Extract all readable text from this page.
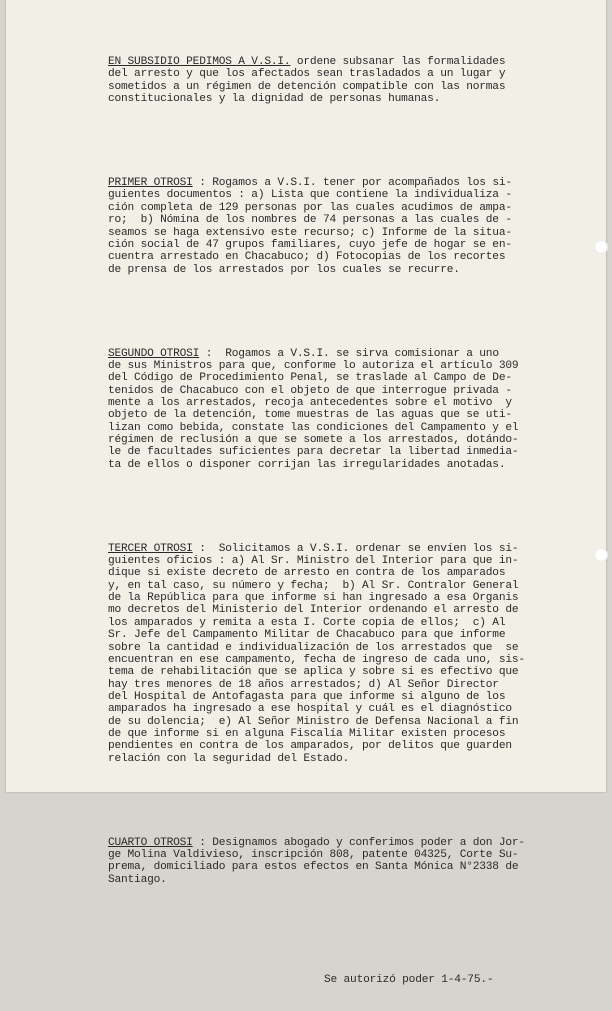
EN SUBSIDIO PEDIMOS A V.S.I. ordene subsanar las formalidades
del arresto y que los afectados sean trasladados a un lugar y
sometidos a un régimen de detención compatible con las normas
constitucionales y la dignidad de personas humanas.

PRIMER OTROSI : Rogamos a V.S.I. tener por acompañados los si-
guientes documentos : a) Lista que contiene la individualiza -
ción completa de 129 personas por las cuales acudimos de ampa-
ro;  b) Nómina de los nombres de 74 personas a las cuales de -
seamos se haga extensivo este recurso; c) Informe de la situa-
ción social de 47 grupos familiares, cuyo jefe de hogar se en-
cuentra arrestado en Chacabuco; d) Fotocopias de los recortes
de prensa de los arrestados por los cuales se recurre.

SEGUNDO OTROSI :  Rogamos a V.S.I. se sirva comisionar a uno
de sus Ministros para que, conforme lo autoriza el artículo 309
del Código de Procedimiento Penal, se traslade al Campo de De-
tenidos de Chacabuco con el objeto de que interrogue privada -
mente a los arrestados, recoja antecedentes sobre el motivo  y
objeto de la detención, tome muestras de las aguas que se uti-
lizan como bebida, constate las condiciones del Campamento y el
régimen de reclusión a que se somete a los arrestados, dotándo-
le de facultades suficientes para decretar la libertad inmedia-
ta de ellos o disponer corrijan las irregularidades anotadas.

TERCER OTROSI :  Solicitamos a V.S.I. ordenar se envíen los si-
guientes oficios : a) Al Sr. Ministro del Interior para que in-
dique si existe decreto de arresto en contra de los amparados
y, en tal caso, su número y fecha;  b) Al Sr. Contralor General
de la República para que informe si han ingresado a esa Organis
mo decretos del Ministerio del Interior ordenando el arresto de
los amparados y remita a esta I. Corte copia de ellos;  c) Al
Sr. Jefe del Campamento Militar de Chacabuco para que informe
sobre la cantidad e individualización de los arrestados que  se
encuentran en ese campamento, fecha de ingreso de cada uno, sis-
tema de rehabilitación que se aplica y sobre si es efectivo que
hay tres menores de 18 años arrestados; d) Al Señor Director
del Hospital de Antofagasta para que informe si alguno de los
amparados ha ingresado a ese hospital y cuál es el diagnóstico
de su dolencia;  e) Al Señor Ministro de Defensa Nacional a fin
de que informe si en alguna Fiscalía Militar existen procesos
pendientes en contra de los amparados, por delitos que guarden
relación con la seguridad del Estado.

CUARTO OTROSI : Designamos abogado y conferimos poder a don Jor-
ge Molina Valdivieso, inscripción 808, patente 04325, Corte Su-
prema, domiciliado para estos efectos en Santa Mónica N°2338 de
Santiago.

Se autorizó poder 1-4-75.-
